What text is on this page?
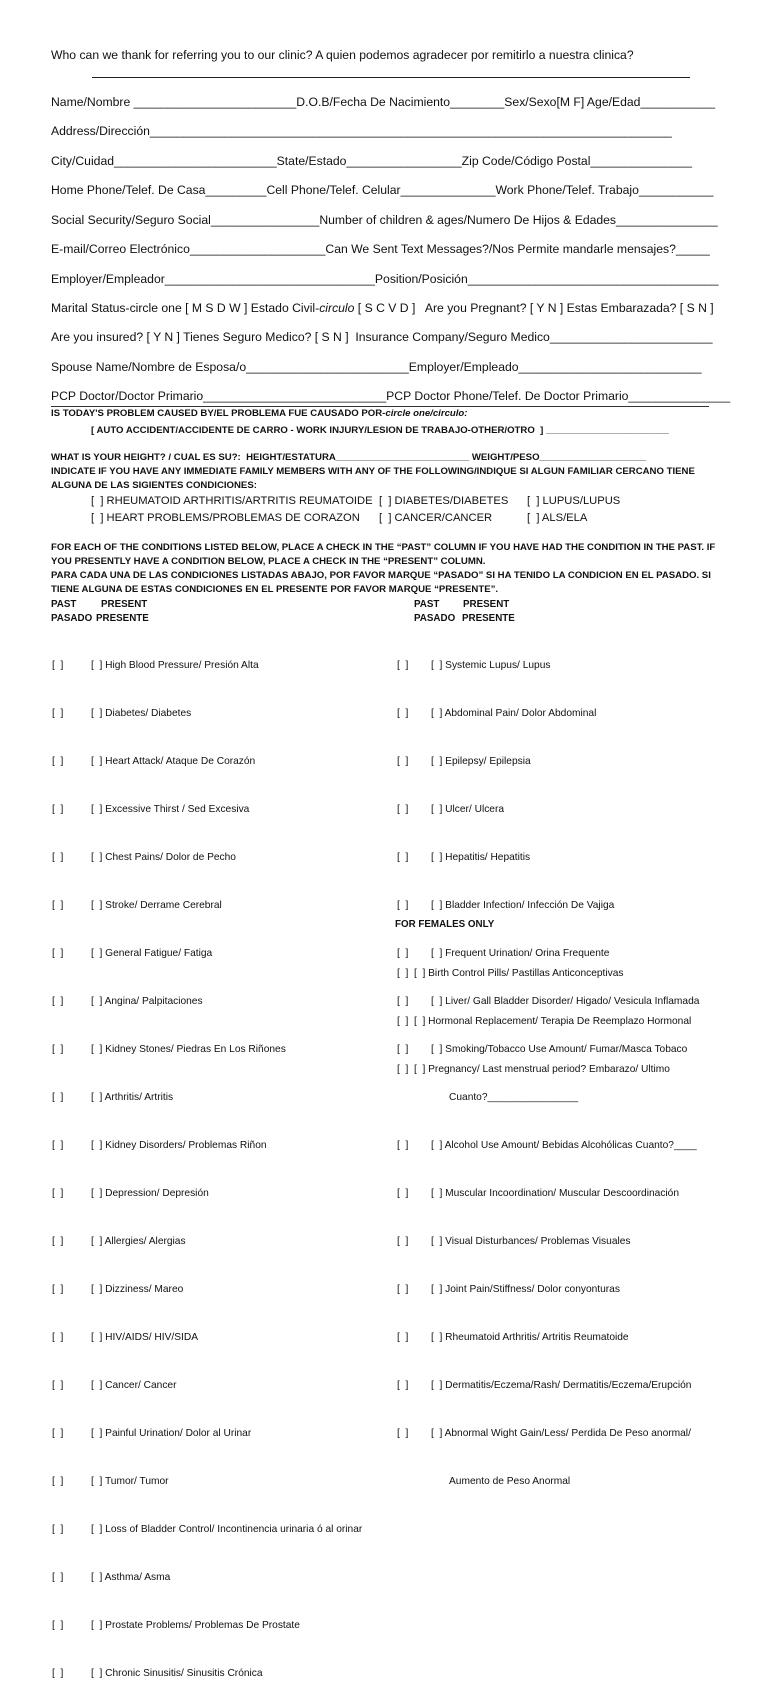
Who can we thank for referring you to our clinic? A quien podemos agradecer por remitirlo a nuestra clinica?
Name/Nombre ________________________D.O.B/Fecha De Nacimiento________Sex/Sexo[M F] Age/Edad___________
Address/Dirección_____________________________________________________________________________
City/Cuidad________________________State/Estado_________________Zip Code/Código Postal_______________
Home Phone/Telef. De Casa_________Cell Phone/Telef. Celular______________Work Phone/Telef. Trabajo___________
Social Security/Seguro Social________________Number of children & ages/Numero De Hijos & Edades_______________
E-mail/Correo Electrónico____________________Can We Sent Text Messages?/Nos Permite mandarle mensajes?_____
Employer/Empleador_______________________________Position/Posición_____________________________________
Marital Status-circle one [ M S D W ] Estado Civil-circulo [ S C V D ]   Are you Pregnant? [ Y N ] Estas Embarazada? [ S N ]
Are you insured? [ Y N ] Tienes Seguro Medico? [ S N ]  Insurance Company/Seguro Medico________________________
Spouse Name/Nombre de Esposa/o________________________Employer/Empleado___________________________
PCP Doctor/Doctor Primario___________________________PCP Doctor Phone/Telef. De Doctor Primario_______________
IS TODAY'S PROBLEM CAUSED BY/EL PROBLEMA FUE CAUSADO POR-circle one/circulo:
[ AUTO ACCIDENT/ACCIDENTE DE CARRO - WORK INJURY/LESION DE TRABAJO-OTHER/OTRO  ] _______________________
WHAT IS YOUR HEIGHT? / CUAL ES SU?:  HEIGHT/ESTATURA_________________________ WEIGHT/PESO____________________
INDICATE IF YOU HAVE ANY IMMEDIATE FAMILY MEMBERS WITH ANY OF THE FOLLOWING/INDIQUE SI ALGUN FAMILIAR CERCANO TIENE
ALGUNA DE LAS SIGIENTES CONDICIONES:
[  ] RHEUMATOID ARTHRITIS/ARTRITIS REUMATOIDE
[  ] HEART PROBLEMS/PROBLEMAS DE CORAZON
[  ] DIABETES/DIABETES
[  ] CANCER/CANCER
[  ] LUPUS/LUPUS
[  ] ALS/ELA
FOR EACH OF THE CONDITIONS LISTED BELOW, PLACE A CHECK IN THE “PAST” COLUMN IF YOU HAVE HAD THE CONDITION IN THE PAST. IF
YOU PRESENTLY HAVE A CONDITION BELOW, PLACE A CHECK IN THE “PRESENT” COLUMN.
PARA CADA UNA DE LAS CONDICIONES LISTADAS ABAJO, POR FAVOR MARQUE “PASADO” SI HA TENIDO LA CONDICION EN EL PASADO. SI
TIENE ALGUNA DE ESTAS CONDICIONES EN EL PRESENTE POR FAVOR MARQUE “PRESENTE”.
PAST	PRESENT
PASADO PRESENTE
PAST PRESENT
PASADO PRESENTE

[  ]

[  ]

[  ]

[  ]

[  ]

[  ]

[  ]

[  ]

[  ]

[  ]

[  ]

[  ]

[  ]

[  ]

[  ]

[  ]

[  ]

[  ]

[  ]

[  ]

[  ]

[  ]

[  ] High Blood Pressure/ Presión Alta

[  ] Diabetes/ Diabetes

[  ] Heart Attack/ Ataque De Corazón

[  ] Excessive Thirst / Sed Excesiva

[  ] Chest Pains/ Dolor de Pecho

[  ] Stroke/ Derrame Cerebral

[  ] General Fatigue/ Fatiga

[  ] Angina/ Palpitaciones

[  ] Kidney Stones/ Piedras En Los Riñones

[  ] Arthritis/ Artritis

[  ] Kidney Disorders/ Problemas Riñon

[  ] Depression/ Depresión

[  ] Allergies/ Alergias

[  ] Dizziness/ Mareo

[  ] HIV/AIDS/ HIV/SIDA

[  ] Cancer/ Cancer

[  ] Painful Urination/ Dolor al Urinar

[  ] Tumor/ Tumor

[  ] Loss of Bladder Control/ Incontinencia urinaria ó al orinar

[  ] Asthma/ Asma

[  ] Prostate Problems/ Problemas De Prostate

[  ] Chronic Sinusitis/ Sinusitis Crónica

[  ]

[  ]

[  ]

[  ]

[  ]

[  ]

[  ]

[  ]

[  ]

[  ]

[  ]

[  ]

[  ]

[  ]

[  ]

[  ]

[  ] Systemic Lupus/ Lupus

[  ] Abdominal Pain/ Dolor Abdominal

[  ] Epilepsy/ Epilepsia

[  ] Ulcer/ Ulcera

[  ] Hepatitis/ Hepatitis

[  ] Bladder Infection/ Infección De Vajiga

[  ] Frequent Urination/ Orina Frequente

[  ] Liver/ Gall Bladder Disorder/ Higado/ Vesicula Inflamada

[  ] Smoking/Tobacco Use Amount/ Fumar/Masca Tobaco

Cuanto?________________

[  ] Alcohol Use Amount/ Bebidas Alcohólicas Cuanto?____

[  ] Muscular Incoordination/ Muscular Descoordinación

[  ] Visual Disturbances/ Problemas Visuales

[  ] Joint Pain/Stiffness/ Dolor conyonturas

[  ] Rheumatoid Arthritis/ Artritis Reumatoide

[  ] Dermatitis/Eczema/Rash/ Dermatitis/Eczema/Erupción

[  ] Abnormal Wight Gain/Less/ Perdida De Peso anormal/

Aumento de Peso Anormal

FOR FEMALES ONLY

[  ]  [  ] Birth Control Pills/ Pastillas Anticonceptivas

[  ]  [  ] Hormonal Replacement/ Terapia De Reemplazo Hormonal

[  ]  [  ] Pregnancy/ Last menstrual period? Embarazo/ Ultimo
